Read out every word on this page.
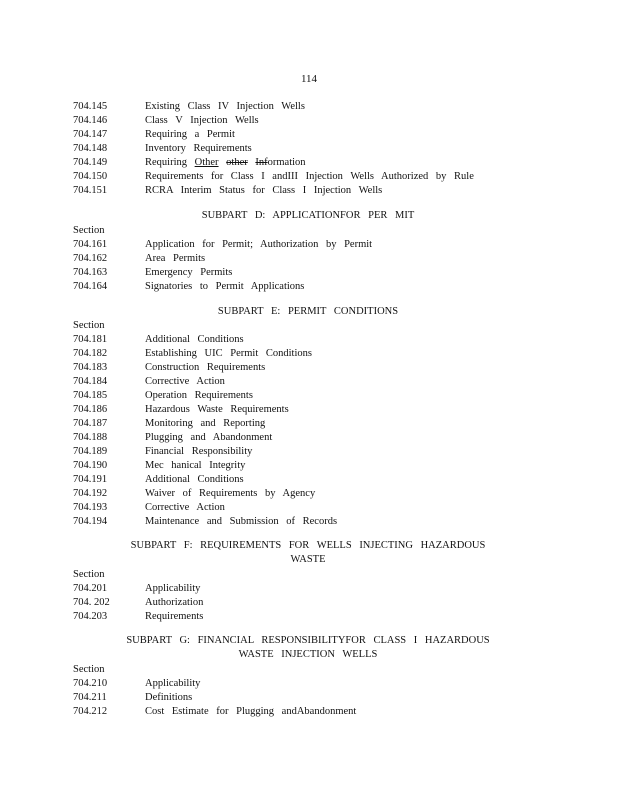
114
704.145	Existing Class IV Injection Wells
704.146	Class V Injection Wells
704.147	Requiring a Permit
704.148	Inventory Requirements
704.149	Requiring Other other Information
704.150	Requirements for Class I andIII Injection Wells Authorized by Rule
704.151	RCRA Interim Status for Class I Injection Wells
SUBPART D: APPLICATIONFOR PER MIT
Section
704.161	Application for Permit; Authorization by Permit
704.162	Area Permits
704.163	Emergency Permits
704.164	Signatories to Permit Applications
SUBPART E: PERMIT CONDITIONS
Section
704.181	Additional Conditions
704.182	Establishing UIC Permit Conditions
704.183	Construction Requirements
704.184	Corrective Action
704.185	Operation Requirements
704.186	Hazardous Waste Requirements
704.187	Monitoring and Reporting
704.188	Plugging and Abandonment
704.189	Financial Responsibility
704.190	Mec hanical Integrity
704.191	Additional Conditions
704.192	Waiver of Requirements by Agency
704.193	Corrective Action
704.194	Maintenance and Submission of Records
SUBPART F: REQUIREMENTS FOR WELLS INJECTING HAZARDOUS
WASTE
Section
704.201	Applicability
704. 202	Authorization
704.203	Requirements
SUBPART G: FINANCIAL RESPONSIBILITYFOR CLASS I HAZARDOUS
WASTE INJECTION WELLS
Section
704.210	Applicability
704.211	Definitions
704.212	Cost Estimate for Plugging andAbandonment
